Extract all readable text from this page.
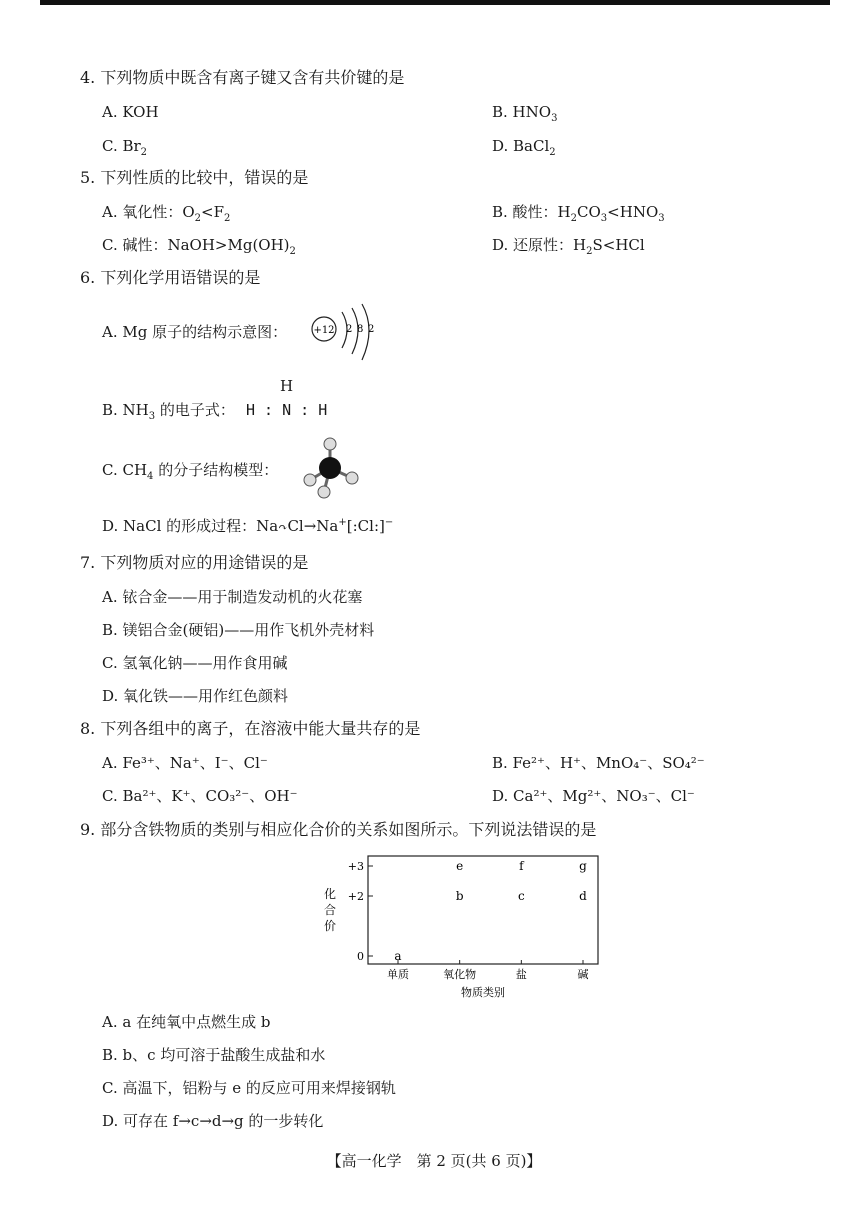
4. 下列物质中既含有离子键又含有共价键的是
A. KOH	B. $HNO_3$
C. $Br_2$	D. BaCl$_2$
5. 下列性质的比较中，错误的是
A. 氧化性：$O_2<F_2$	B. 酸性：$H_2CO_3<HNO_3$
C. 碱性：$NaOH>Mg(OH)_2$	D. 还原性：$H_2S<HCl$
6. 下列化学用语错误的是
A. Mg 原子的结构示意图：	+12 2 8 2
B. $NH_3$ 的电子式：
H
H : N : H
C. $CH_4$ 的分子结构模型：
D. NaCl 的形成过程：Na↷Cl→Na+[:Cl:]−
7. 下列物质对应的用途错误的是
A. 铱合金——用于制造发动机的火花塞
B. 镁铝合金(硬铝)——用作飞机外壳材料
C. 氢氧化钠——用作食用碱
D. 氧化铁——用作红色颜料
8. 下列各组中的离子，在溶液中能大量共存的是
A. Fe³⁺、Na⁺、I⁻、Cl⁻	B. Fe²⁺、H⁺、MnO₄⁻、SO₄²⁻
C. Ba²⁺、K⁺、CO₃²⁻、OH⁻	D. Ca²⁺、Mg²⁺、NO₃⁻、Cl⁻
9. 部分含铁物质的类别与相应化合价的关系如图所示。下列说法错误的是
化
合
价
0
+2
+3
单质	氧化物	盐	碱
a
b	c	d
e	f	g
物质类别
A. a 在纯氧中点燃生成 b
B. b、c 均可溶于盐酸生成盐和水
C. 高温下，铝粉与 e 的反应可用来焊接钢轨
D. 可存在 f→c→d→g 的一步转化
【高一化学　第 2 页(共 6 页)】
